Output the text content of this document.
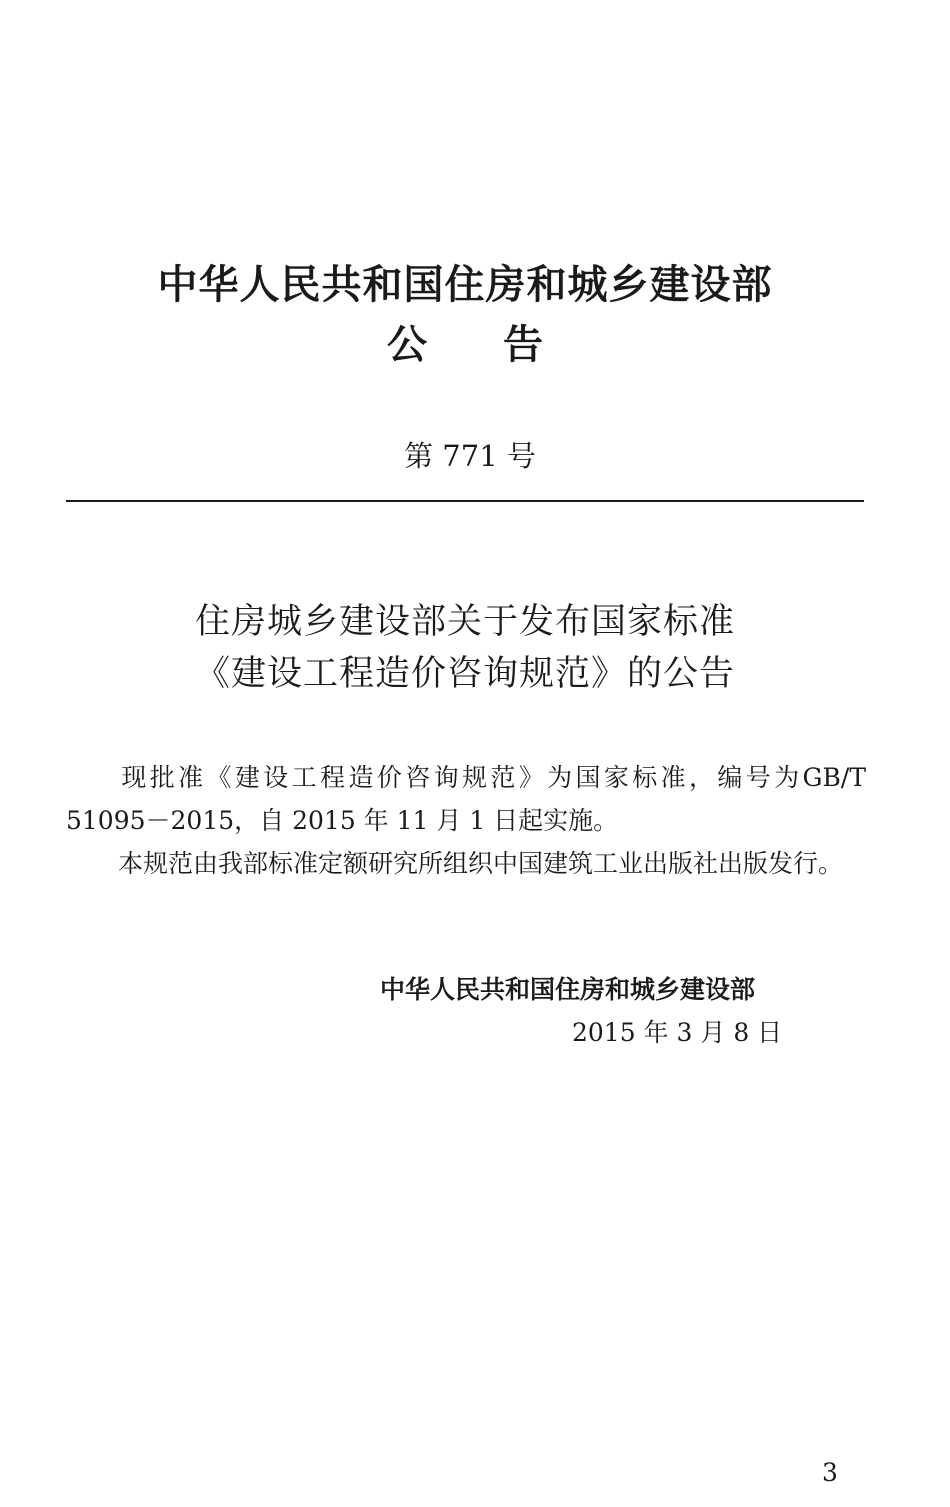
中华人民共和国住房和城乡建设部
公告
第 771 号
住房城乡建设部关于发布国家标准
《建设工程造价咨询规范》的公告
现批准《建设工程造价咨询规范》为国家标准，编号为GB/T 51095－2015，自 2015 年 11 月 1 日起实施。
本规范由我部标准定额研究所组织中国建筑工业出版社出版发行。
中华人民共和国住房和城乡建设部
2015 年 3 月 8 日
3
